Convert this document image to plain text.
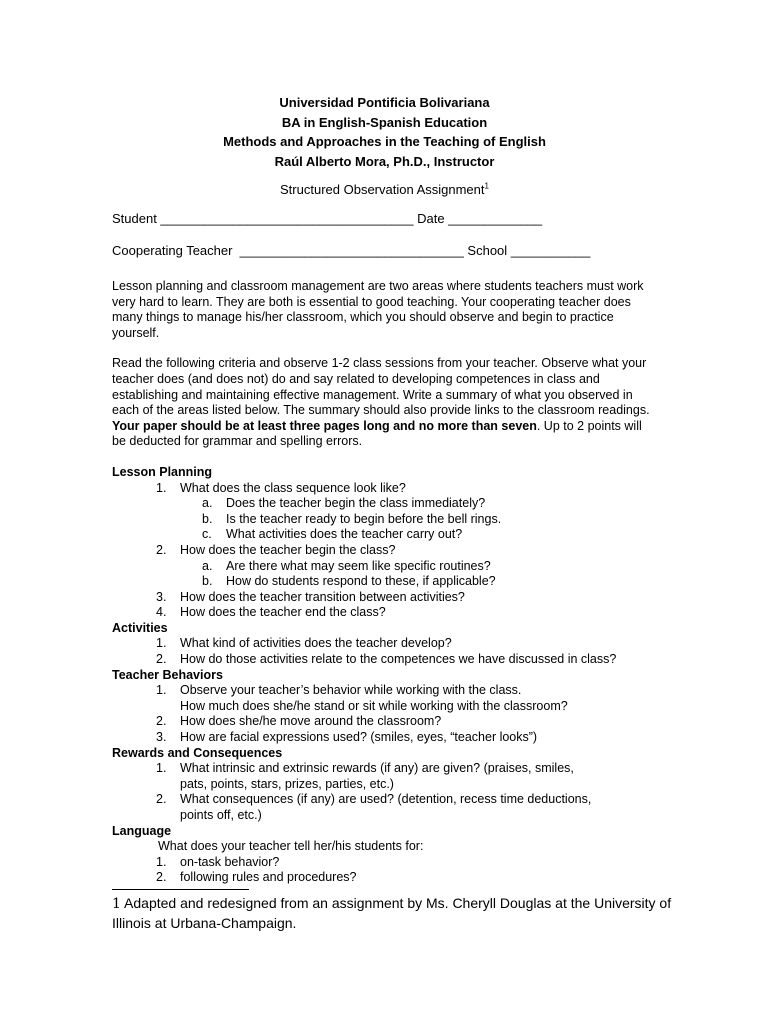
Universidad Pontificia Bolivariana
BA in English-Spanish Education
Methods and Approaches in the Teaching of English
Raúl Alberto Mora, Ph.D., Instructor
Structured Observation Assignment$^1$
Student ___________________________________ Date _____________
Cooperating Teacher  _______________________________ School ___________
Lesson planning and classroom management are two areas where students teachers must work very hard to learn. They are both is essential to good teaching. Your cooperating teacher does many things to manage his/her classroom, which you should observe and begin to practice yourself.
Read the following criteria and observe 1-2 class sessions from your teacher. Observe what your teacher does (and does not) do and say related to developing competences in class and establishing and maintaining effective management. Write a summary of what you observed in each of the areas listed below. The summary should also provide links to the classroom readings. Your paper should be at least three pages long and no more than seven. Up to 2 points will be deducted for grammar and spelling errors.
Lesson Planning
1. What does the class sequence look like?
a. Does the teacher begin the class immediately?
b. Is the teacher ready to begin before the bell rings.
c. What activities does the teacher carry out?
2. How does the teacher begin the class?
a. Are there what may seem like specific routines?
b. How do students respond to these, if applicable?
3. How does the teacher transition between activities?
4. How does the teacher end the class?
Activities
1. What kind of activities does the teacher develop?
2. How do those activities relate to the competences we have discussed in class?
Teacher Behaviors
1. Observe your teacher’s behavior while working with the class.
How much does she/he stand or sit while working with the classroom?
2. How does she/he move around the classroom?
3. How are facial expressions used? (smiles, eyes, “teacher looks”)
Rewards and Consequences
1. What intrinsic and extrinsic rewards (if any) are given? (praises, smiles, pats, points, stars, prizes, parties, etc.)
2. What consequences (if any) are used? (detention, recess time deductions, points off, etc.)
Language
What does your teacher tell her/his students for:
1. on-task behavior?
2. following rules and procedures?
1 Adapted and redesigned from an assignment by Ms. Cheryll Douglas at the University of Illinois at Urbana-Champaign.
